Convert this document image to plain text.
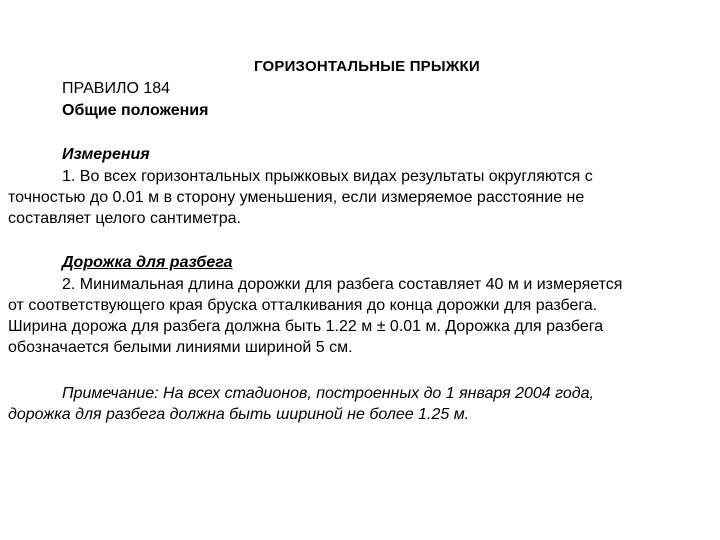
ГОРИЗОНТАЛЬНЫЕ ПРЫЖКИ
ПРАВИЛО 184
Общие положения
Измерения
1. Во всех горизонтальных прыжковых видах результаты округляются с
точностью до 0.01 м в сторону уменьшения, если измеряемое расстояние не
составляет целого сантиметра.
Дорожка для разбега
2. Минимальная длина дорожки для разбега составляет 40 м и измеряется
от соответствующего края бруска отталкивания до конца дорожки для разбега.
Ширина дорожа для разбега должна быть 1.22 м ± 0.01 м. Дорожка для разбега
обозначается белыми линиями шириной 5 см.
Примечание: На всех стадионов, построенных до 1 января 2004 года,
дорожка для разбега должна быть шириной не более 1.25 м.
